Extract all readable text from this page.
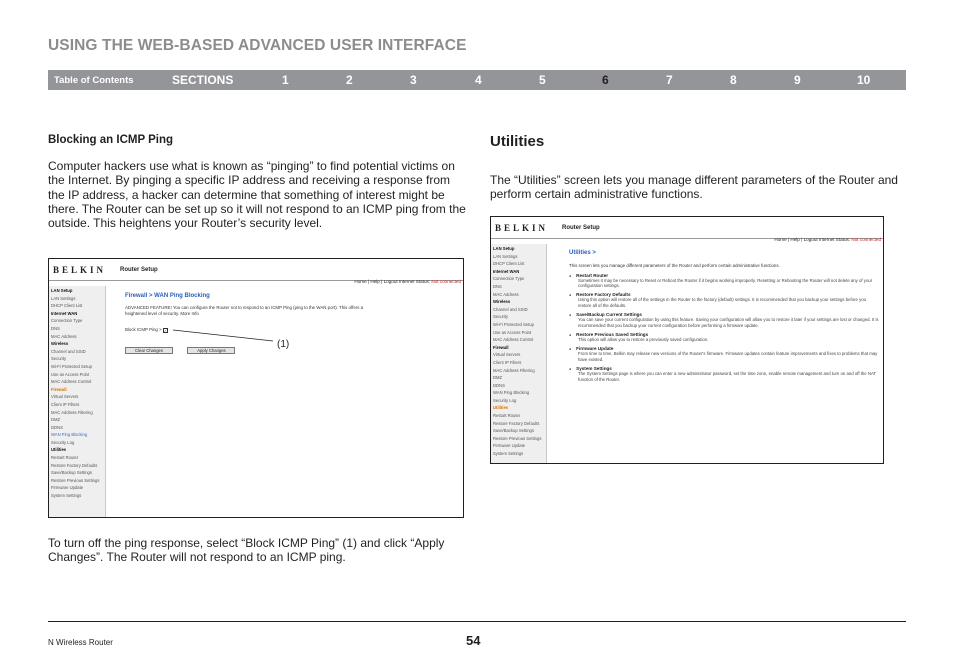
USING THE WEB-BASED ADVANCED USER INTERFACE
Table of Contents	SECTIONS	1	2	3	4	5	6	7	8	9	10
Blocking an ICMP Ping
Computer hackers use what is known as “pinging” to find potential victims on the Internet. By pinging a specific IP address and receiving a response from the IP address, a hacker can determine that something of interest might be there. The Router can be set up so it will not respond to an ICMP ping from the outside. This heightens your Router’s security level.
Utilities
The “Utilities” screen lets you manage different parameters of the Router and perform certain administrative functions.
BELKIN Router Setup
Home | Help | Logout Internet Status: Not connected
LAN Setup
LAN Settings
DHCP Client List
Internet WAN
Connection Type
DNS
MAC Address
Wireless
Channel and SSID
Security
Wi-Fi Protected Setup
Use as Access Point
MAC Address Control
Firewall
Virtual Servers
Client IP Filters
MAC Address Filtering
DMZ
DDNS
WAN Ping Blocking
Security Log
Utilities
Restart Router
Restore Factory Defaults
Save/Backup Settings
Restore Previous Settings
Firmware Update
System Settings
Firewall > WAN Ping Blocking
ADVANCED FEATURE! You can configure the Router not to respond to an ICMP Ping (ping to the WAN port). This offers a heightened level of security. More Info
Block ICMP Ping > ✓
Clear Changes	Apply Changes
(1)
To turn off the ping response, select “Block ICMP Ping” (1) and click “Apply Changes”. The Router will not respond to an ICMP ping.
BELKIN Router Setup
Home | Help | Logout Internet Status: Not connected
LAN Setup
LAN Settings
DHCP Client List
Internet WAN
Connection Type
DNS
MAC Address
Wireless
Channel and SSID
Security
Wi-Fi Protected Setup
Use as Access Point
MAC Address Control
Firewall
Virtual Servers
Client IP Filters
MAC Address Filtering
DMZ
DDNS
WAN Ping Blocking
Security Log
Utilities
Restart Router
Restore Factory Defaults
Save/Backup Settings
Restore Previous Settings
Firmware Update
System Settings
Utilities >
This screen lets you manage different parameters of the Router and perform certain administrative functions.
● Restart Router
Sometimes it may be necessary to Reset or Reboot the Router if it begins working improperly. Resetting or Rebooting the Router will not delete any of your configuration settings.
● Restore Factory Defaults
Using this option will restore all of the settings in the Router to the factory (default) settings. It is recommended that you backup your settings before you restore all of the defaults.
● Save/Backup Current Settings
You can save your current configuration by using this feature. Saving your configuration will allow you to restore it later if your settings are lost or changed. It is recommended that you backup your current configuration before performing a firmware update.
● Restore Previous Saved Settings
This option will allow you to restore a previously saved configuration.
● Firmware Update
From time to time, Belkin may release new versions of the Router's firmware. Firmware updates contain feature improvements and fixes to problems that may have existed.
● System Settings
The System Settings page is where you can enter a new administrator password, set the time zone, enable remote management and turn on and off the NAT function of the Router.
N Wireless Router	54
